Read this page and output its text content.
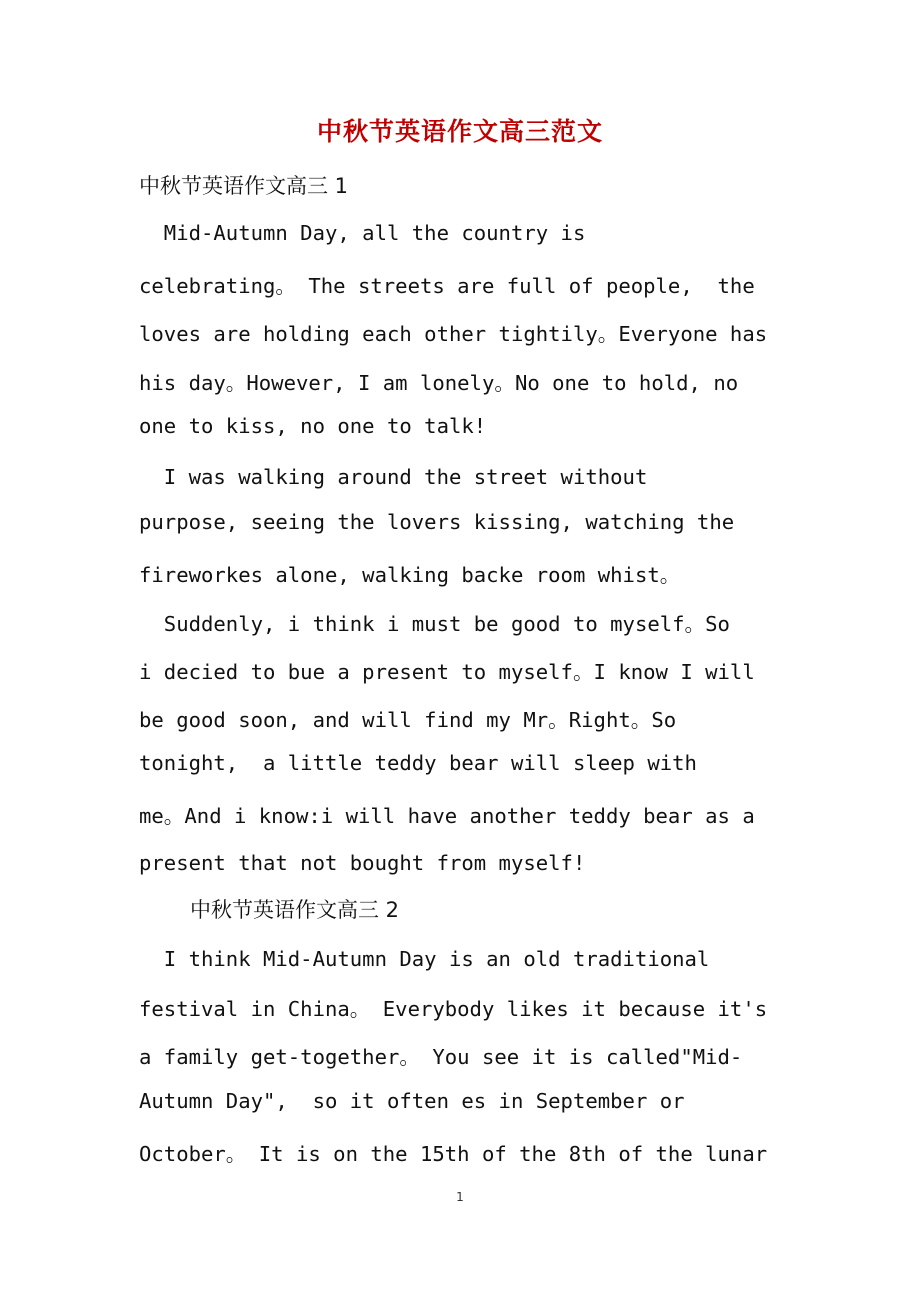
中秋节英语作文高三范文
中秋节英语作文高三 1
Mid-Autumn Day, all the country is
celebrating。 The streets are full of people,  the
loves are holding each other tightily。Everyone has
his day。However, I am lonely。No one to hold, no
one to kiss, no one to talk!
I was walking around the street without
purpose, seeing the lovers kissing, watching the
fireworkes alone, walking backe room whist。
Suddenly, i think i must be good to myself。So
i decied to bue a present to myself。I know I will
be good soon, and will find my Mr。Right。So
tonight,  a little teddy bear will sleep with
me。And i know:i will have another teddy bear as a
present that not bought from myself!
中秋节英语作文高三 2
I think Mid-Autumn Day is an old traditional
festival in China。 Everybody likes it because it's
a family get-together。 You see it is called"Mid-
Autumn Day",  so it often es in September or
October。 It is on the 15th of the 8th of the lunar
1
